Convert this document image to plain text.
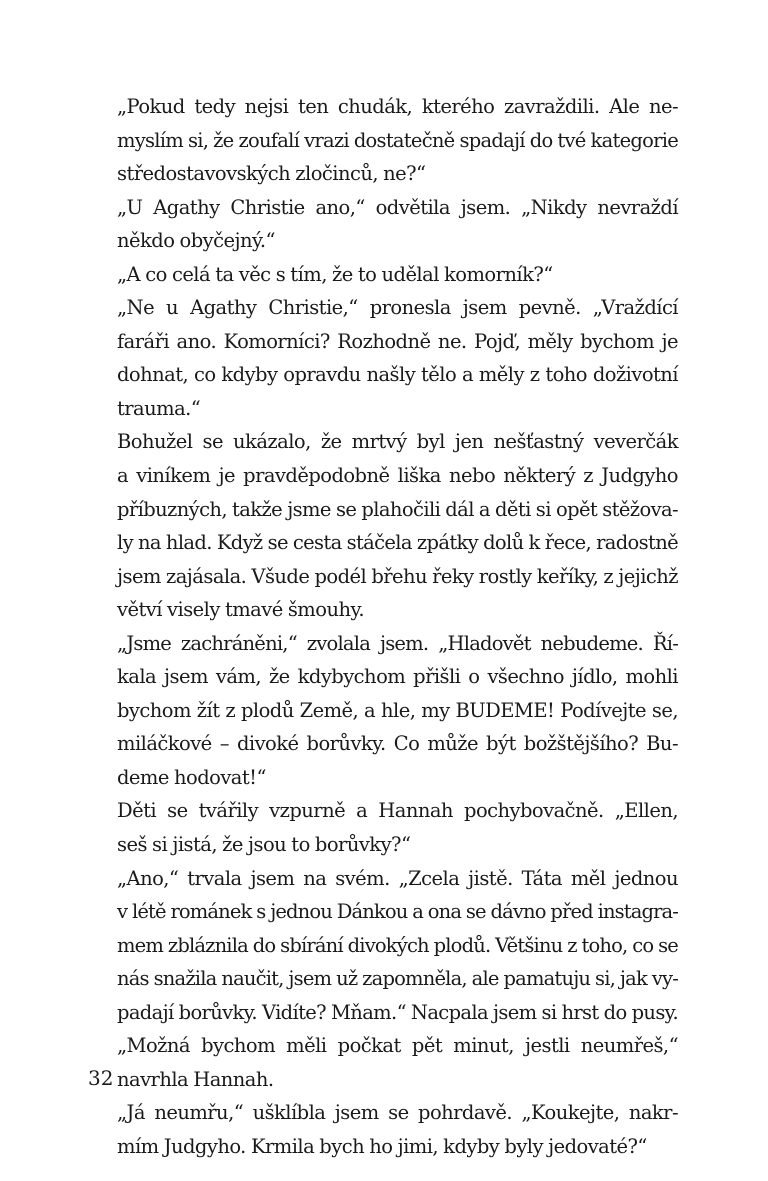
„Pokud tedy nejsi ten chudák, kterého zavraždili. Ale ne-
myslím si, že zoufalí vrazi dostatečně spadají do tvé kategorie
středostavovských zločinců, ne?“
„U Agathy Christie ano,“ odvětila jsem. „Nikdy nevraždí
někdo obyčejný.“
„A co celá ta věc s tím, že to udělal komorník?“
„Ne u Agathy Christie,“ pronesla jsem pevně. „Vraždící
faráři ano. Komorníci? Rozhodně ne. Pojď, měly bychom je
dohnat, co kdyby opravdu našly tělo a měly z toho doživotní
trauma.“
Bohužel se ukázalo, že mrtvý byl jen nešťastný veverčák
a viníkem je pravděpodobně liška nebo některý z Judgyho
příbuzných, takže jsme se plahočili dál a děti si opět stěžova-
ly na hlad. Když se cesta stáčela zpátky dolů k řece, radostně
jsem zajásala. Všude podél břehu řeky rostly keříky, z jejichž
větví visely tmavé šmouhy.
„Jsme zachráněni,“ zvolala jsem. „Hladovět nebudeme. Ří-
kala jsem vám, že kdybychom přišli o všechno jídlo, mohli
bychom žít z plodů Země, a hle, my BUDEME! Podívejte se,
miláčkové – divoké borůvky. Co může být božštějšího? Bu-
deme hodovat!“
Děti se tvářily vzpurně a Hannah pochybovačně. „Ellen,
seš si jistá, že jsou to borůvky?“
„Ano,“ trvala jsem na svém. „Zcela jistě. Táta měl jednou
v létě románek s jednou Dánkou a ona se dávno před instagra-
mem zbláznila do sbírání divokých plodů. Většinu z toho, co se
nás snažila naučit, jsem už zapomněla, ale pamatuju si, jak vy-
padají borůvky. Vidíte? Mňam.“ Nacpala jsem si hrst do pusy.
„Možná bychom měli počkat pět minut, jestli neumřeš,“
navrhla Hannah.
„Já neumřu,“ ušklíbla jsem se pohrdavě. „Koukejte, nakr-
mím Judgyho. Krmila bych ho jimi, kdyby byly jedovaté?“
32
